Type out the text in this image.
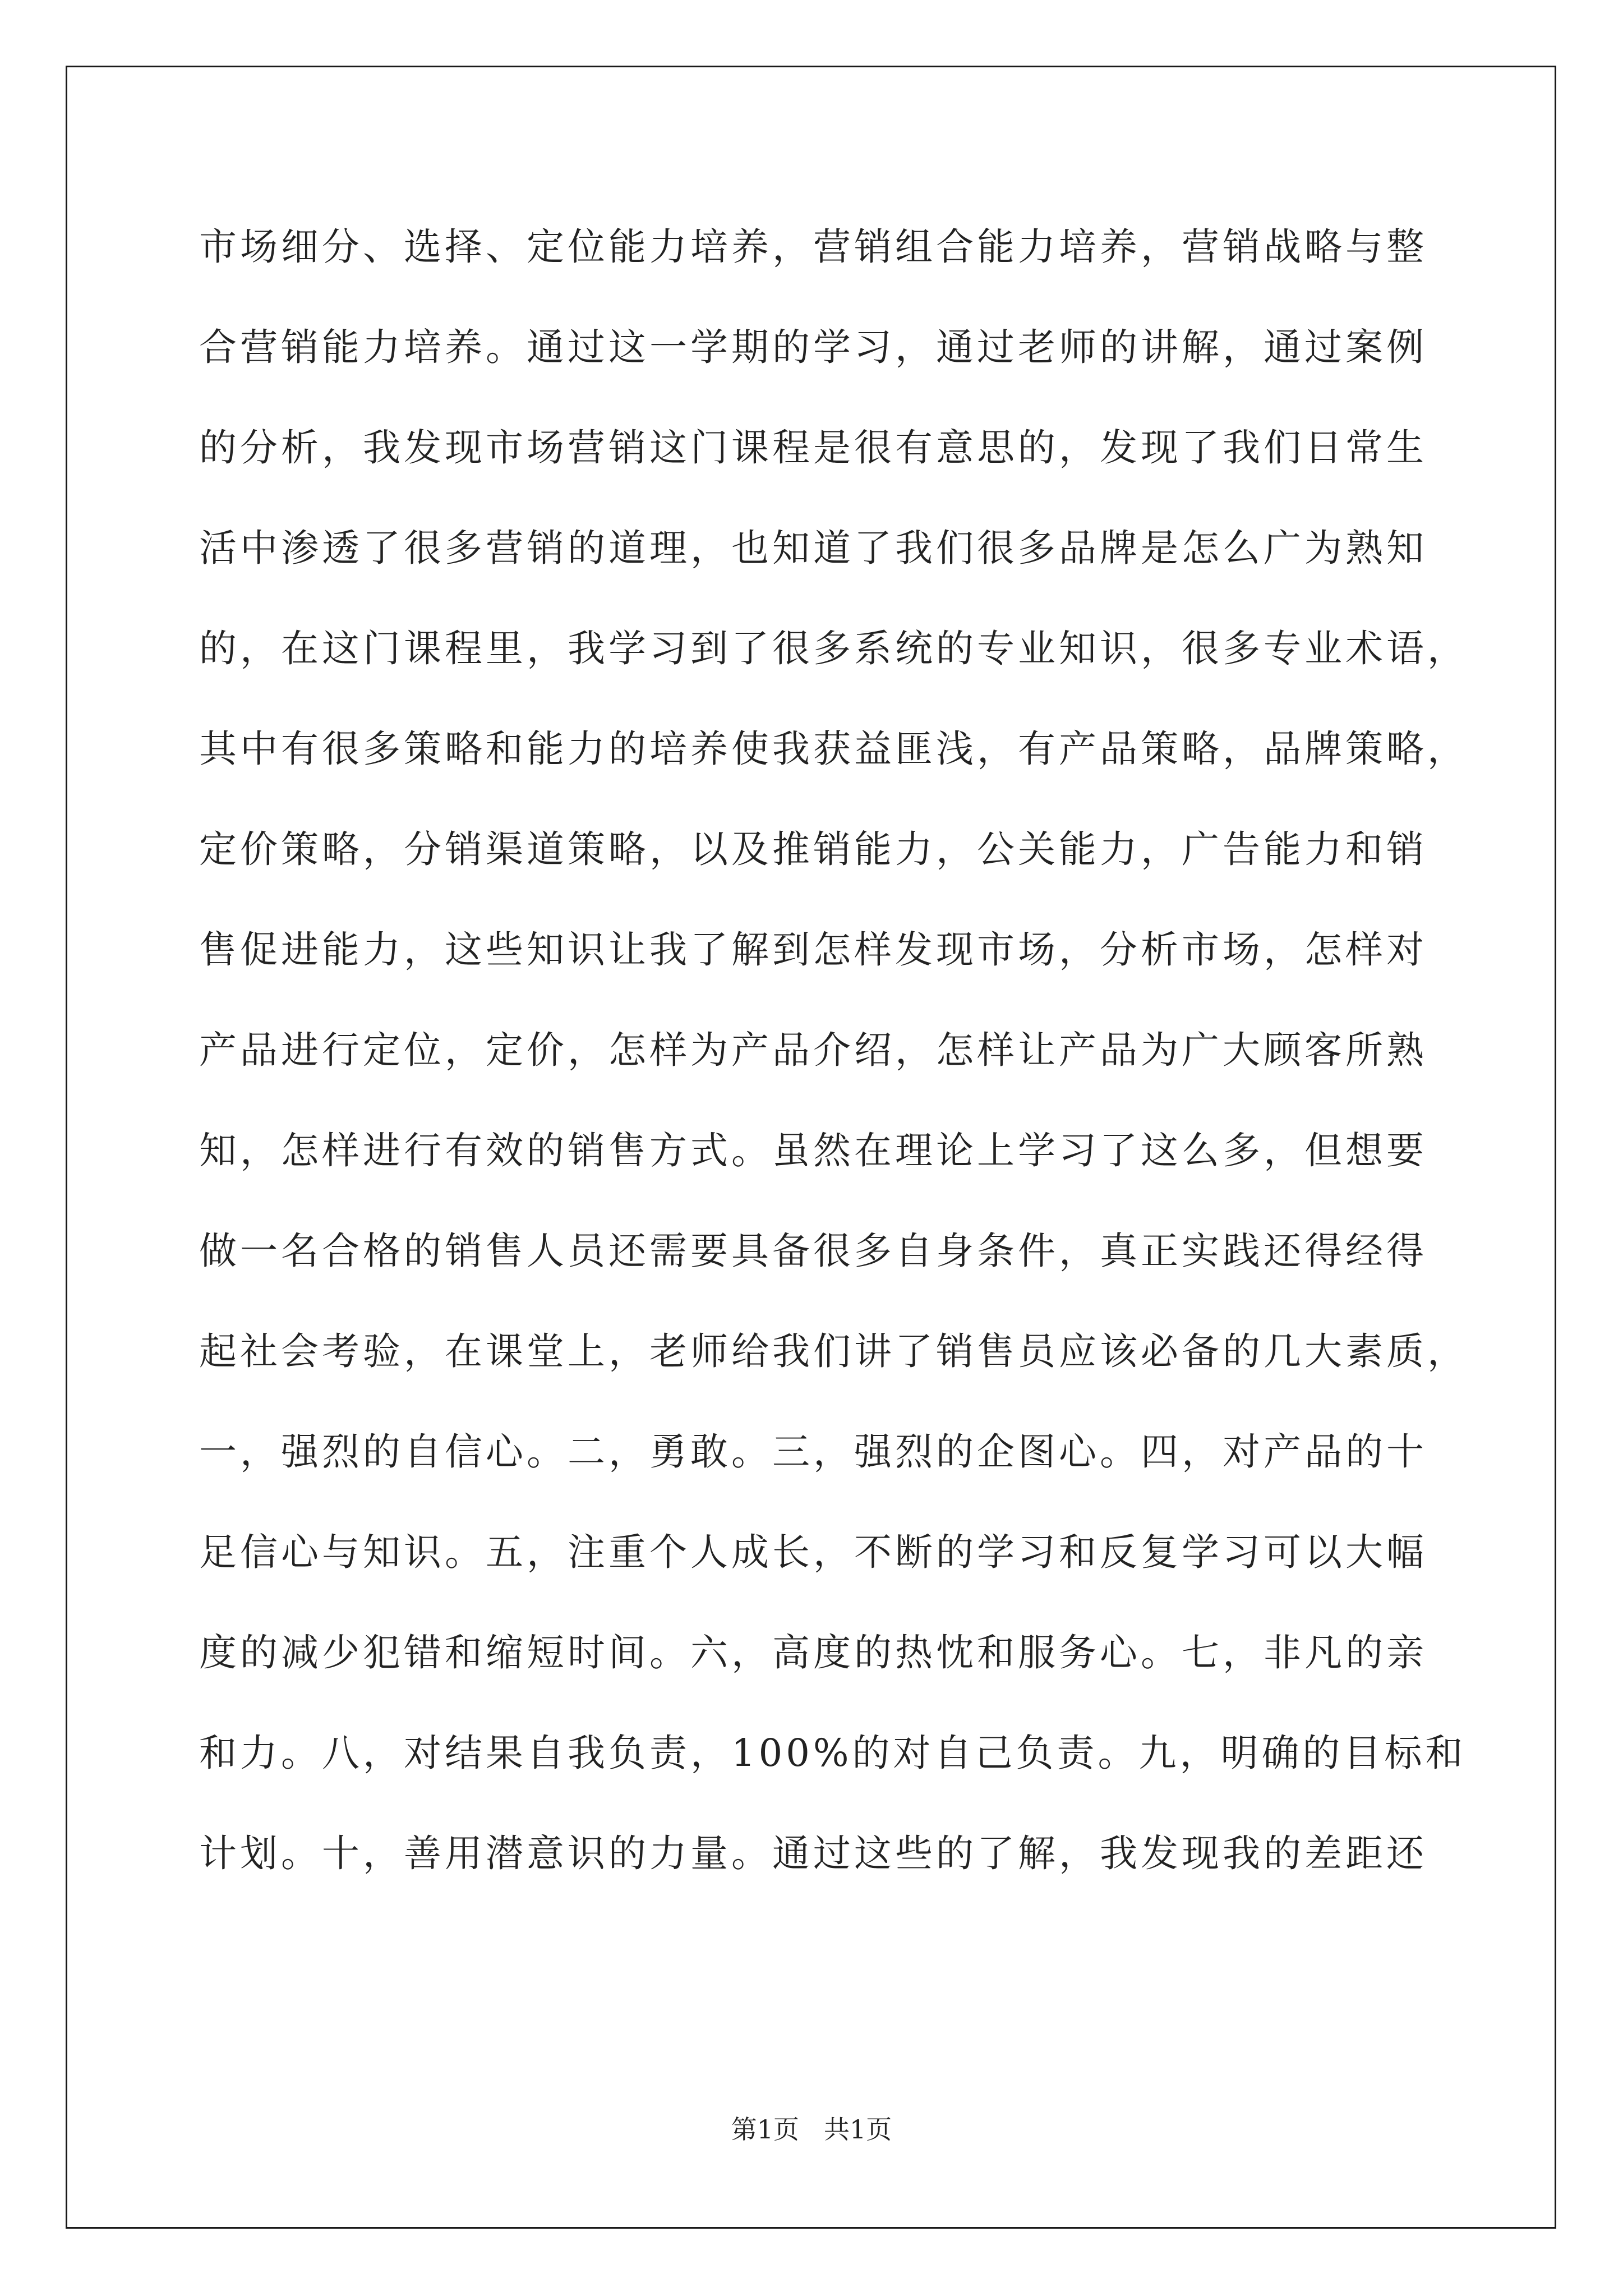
市场细分、选择、定位能力培养，营销组合能力培养，营销战略与整
合营销能力培养。通过这一学期的学习，通过老师的讲解，通过案例
的分析，我发现市场营销这门课程是很有意思的，发现了我们日常生
活中渗透了很多营销的道理，也知道了我们很多品牌是怎么广为熟知
的，在这门课程里，我学习到了很多系统的专业知识，很多专业术语，
其中有很多策略和能力的培养使我获益匪浅，有产品策略，品牌策略，
定价策略，分销渠道策略，以及推销能力，公关能力，广告能力和销
售促进能力，这些知识让我了解到怎样发现市场，分析市场，怎样对
产品进行定位，定价，怎样为产品介绍，怎样让产品为广大顾客所熟
知，怎样进行有效的销售方式。虽然在理论上学习了这么多，但想要
做一名合格的销售人员还需要具备很多自身条件，真正实践还得经得
起社会考验，在课堂上，老师给我们讲了销售员应该必备的几大素质，
一，强烈的自信心。二，勇敢。三，强烈的企图心。四，对产品的十
足信心与知识。五，注重个人成长，不断的学习和反复学习可以大幅
度的减少犯错和缩短时间。六，高度的热忱和服务心。七，非凡的亲
和力。八，对结果自我负责，100%的对自己负责。九，明确的目标和
计划。十，善用潜意识的力量。通过这些的了解，我发现我的差距还
第1页 共1页
